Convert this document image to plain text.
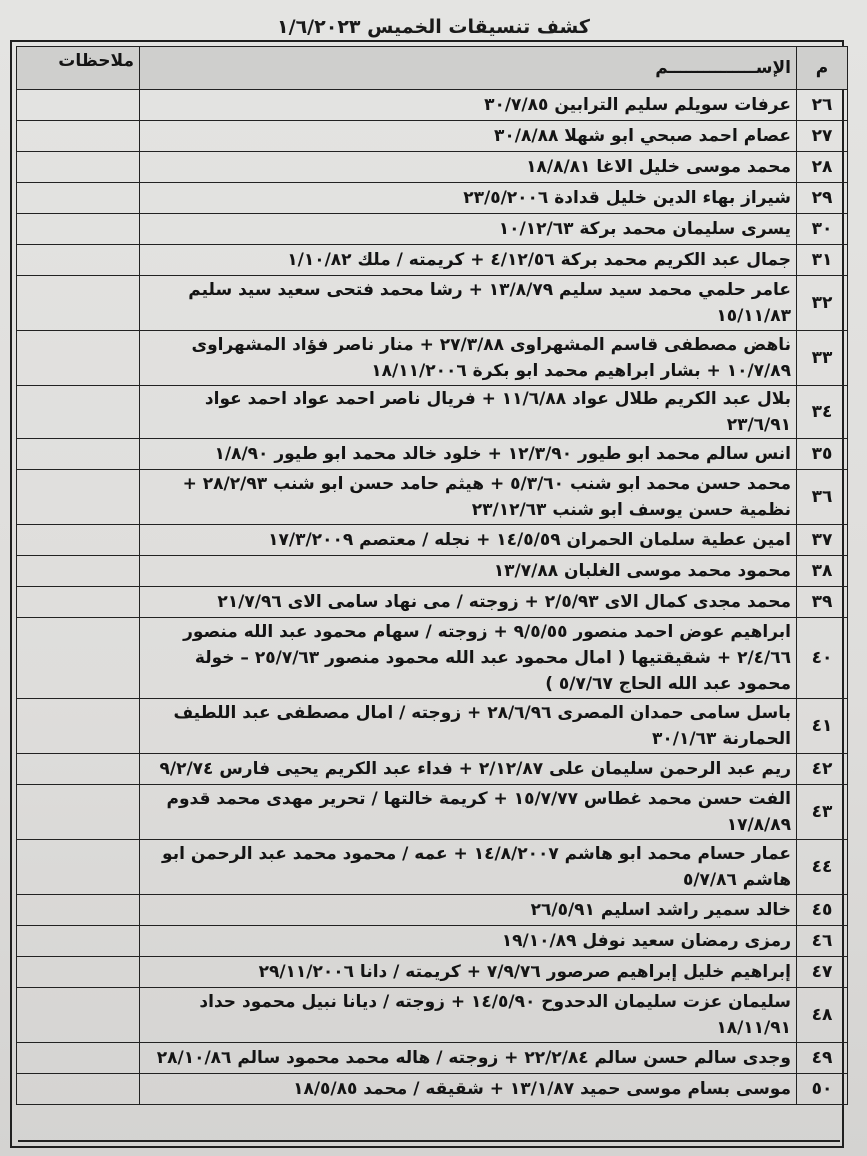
كشف تنسيقات الخميس ١/٦/٢٠٢٣
م	الإســـــــــــــــم	ملاحظات
٢٦	عرفات سويلم سليم الترابين ٣٠/٧/٨٥	
٢٧	عصام احمد صبحي ابو شهلا ٣٠/٨/٨٨	
٢٨	محمد موسى خليل الاغا ١٨/٨/٨١	
٢٩	شيراز بهاء الدين خليل قدادة ٢٣/٥/٢٠٠٦	
٣٠	يسرى سليمان محمد بركة ١٠/١٢/٦٣	
٣١	جمال عبد الكريم محمد بركة ٤/١٢/٥٦ + كريمته / ملك ١/١٠/٨٢	
٣٢	عامر حلمي محمد سيد سليم ١٣/٨/٧٩ + رشا محمد فتحى سعيد سيد سليم ١٥/١١/٨٣	
٣٣	ناهض مصطفى قاسم المشهراوى ٢٧/٣/٨٨ + منار ناصر فؤاد المشهراوى ١٠/٧/٨٩ + بشار ابراهيم محمد ابو بكرة ١٨/١١/٢٠٠٦	
٣٤	بلال عبد الكريم طلال عواد ١١/٦/٨٨ + فريال ناصر احمد عواد احمد عواد ٢٣/٦/٩١	
٣٥	انس سالم محمد ابو طيور ١٢/٣/٩٠ + خلود خالد محمد ابو طيور ١/٨/٩٠	
٣٦	محمد حسن محمد ابو شنب ٥/٣/٦٠ + هيثم حامد حسن ابو شنب ٢٨/٢/٩٣ + نظمية حسن يوسف ابو شنب ٢٣/١٢/٦٣	
٣٧	امين عطية سلمان الحمران ١٤/٥/٥٩ + نجله / معتصم ١٧/٣/٢٠٠٩	
٣٨	محمود محمد موسى الغلبان ١٣/٧/٨٨	
٣٩	محمد مجدى كمال الاى ٢/٥/٩٣ + زوجته / مى نهاد سامى الاى ٢١/٧/٩٦	
٤٠	ابراهيم عوض احمد منصور ٩/٥/٥٥ + زوجته / سهام محمود عبد الله منصور ٢/٤/٦٦ + شقيقتيها ( امال محمود عبد الله محمود منصور ٢٥/٧/٦٣ – خولة محمود عبد الله الحاج ٥/٧/٦٧ )	
٤١	باسل سامى حمدان المصرى ٢٨/٦/٩٦ + زوجته / امال مصطفى عبد اللطيف الحمارنة ٣٠/١/٦٣	
٤٢	ريم عبد الرحمن سليمان على ٢/١٢/٨٧ + فداء عبد الكريم يحيى فارس ٩/٢/٧٤	
٤٣	الفت حسن محمد غطاس ١٥/٧/٧٧ + كريمة خالتها / تحرير مهدى محمد قدوم ١٧/٨/٨٩	
٤٤	عمار حسام محمد ابو هاشم ١٤/٨/٢٠٠٧ + عمه / محمود محمد عبد الرحمن ابو هاشم ٥/٧/٨٦	
٤٥	خالد سمير راشد اسليم ٢٦/٥/٩١	
٤٦	رمزى رمضان سعيد نوفل ١٩/١٠/٨٩	
٤٧	إبراهيم خليل إبراهيم صرصور ٧/٩/٧٦ + كريمته / دانا ٢٩/١١/٢٠٠٦	
٤٨	سليمان عزت سليمان الدحدوح ١٤/٥/٩٠ + زوجته / ديانا نبيل محمود حداد ١٨/١١/٩١	
٤٩	وجدى سالم حسن سالم ٢٢/٢/٨٤ + زوجته / هاله محمد محمود سالم ٢٨/١٠/٨٦	
٥٠	موسى بسام موسى حميد ١٣/١/٨٧ + شقيقه / محمد ١٨/٥/٨٥	
